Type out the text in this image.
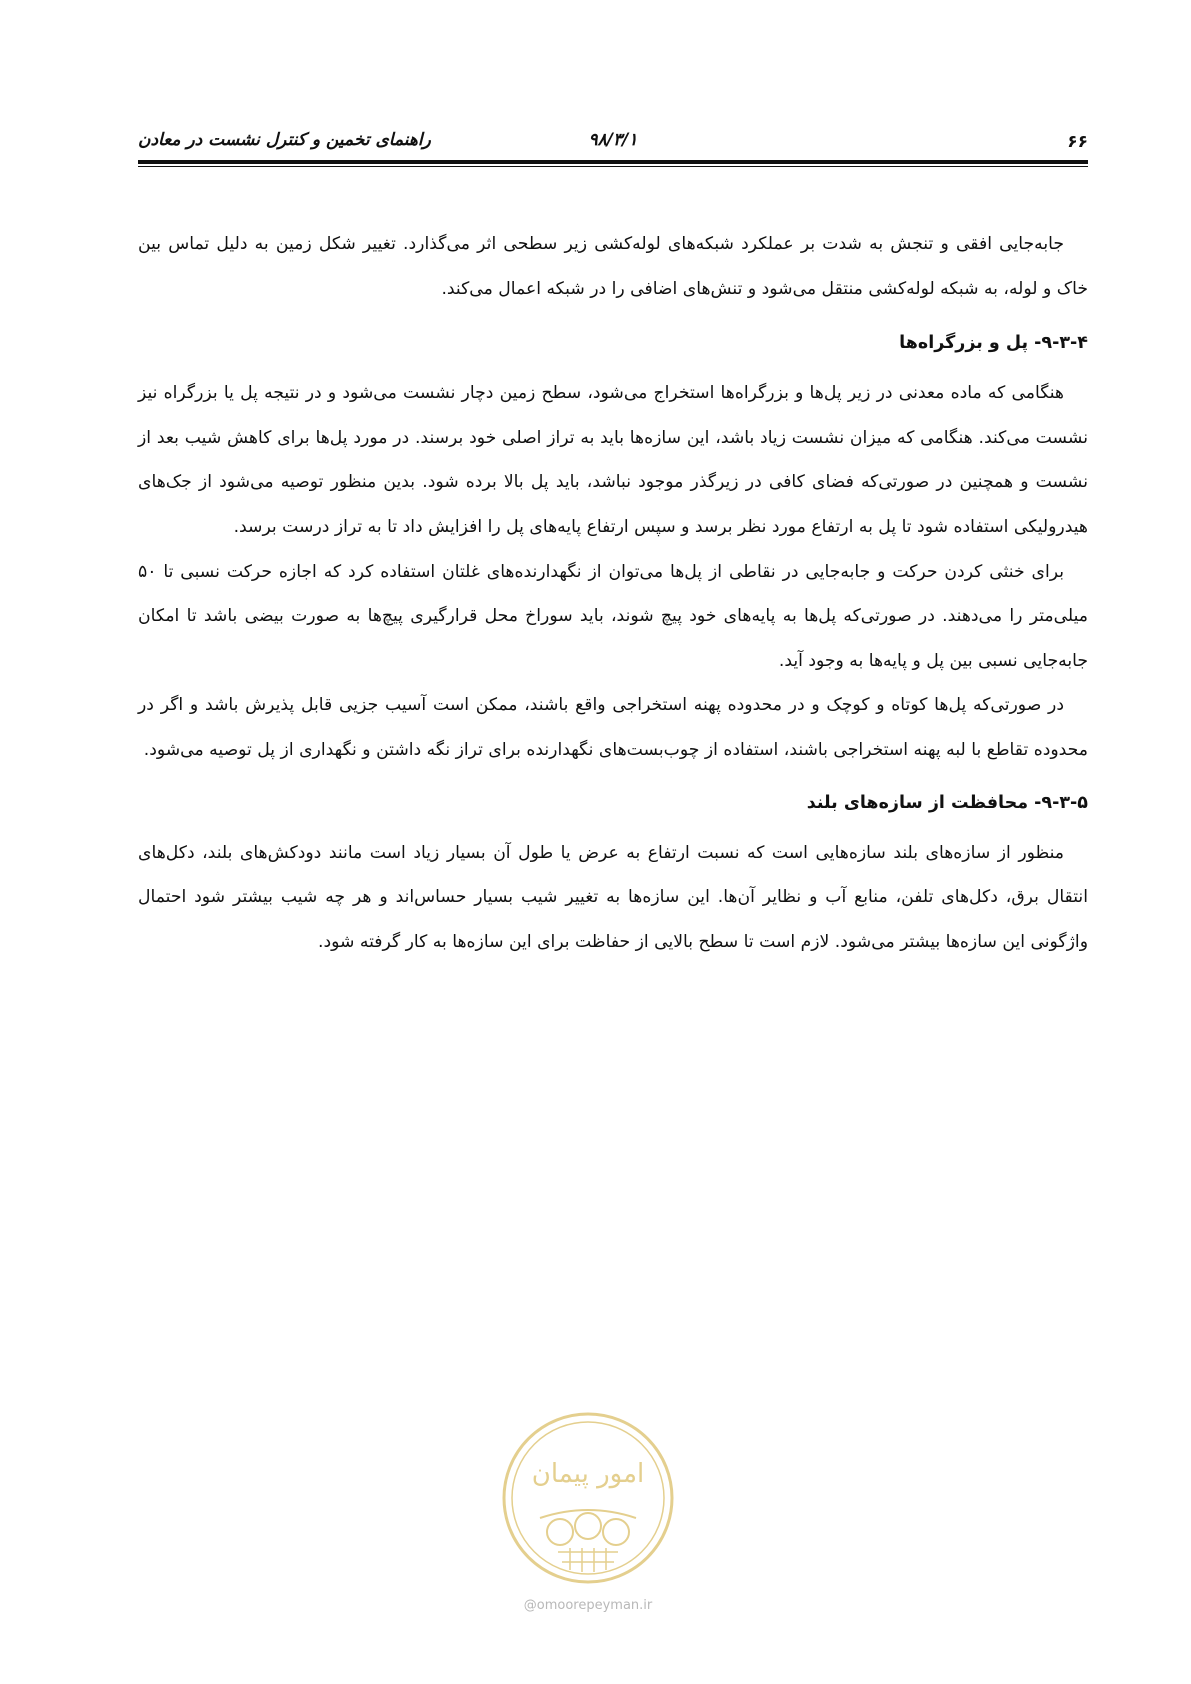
۶۶
۹۸/۳/۱
راهنمای تخمین و کنترل نشست در معادن

جابه‌جایی افقی و تنجش به شدت بر عملکرد شبکه‌های لوله‌کشی زیر سطحی اثر می‌گذارد. تغییر شکل زمین به دلیل تماس بین خاک و لوله، به شبکه لوله‌کشی منتقل می‌شود و تنش‌های اضافی را در شبکه اعمال می‌کند.

۹-۳-۴- پل و بزرگراه‌ها

هنگامی که ماده معدنی در زیر پل‌ها و بزرگراه‌ها استخراج می‌شود، سطح زمین دچار نشست می‌شود و در نتیجه پل یا بزرگراه نیز نشست می‌کند. هنگامی که میزان نشست زیاد باشد، این سازه‌ها باید به تراز اصلی خود برسند. در مورد پل‌ها برای کاهش شیب بعد از نشست و همچنین در صورتی‌که فضای کافی در زیرگذر موجود نباشد، باید پل بالا برده شود. بدین منظور توصیه می‌شود از جک‌های هیدرولیکی استفاده شود تا پل به ارتفاع مورد نظر برسد و سپس ارتفاع پایه‌های پل را افزایش داد تا به تراز درست برسد.

برای خنثی کردن حرکت و جابه‌جایی در نقاطی از پل‌ها می‌توان از نگهدارنده‌های غلتان استفاده کرد که اجازه حرکت نسبی تا ۵۰ میلی‌متر را می‌دهند. در صورتی‌که پل‌ها به پایه‌های خود پیچ شوند، باید سوراخ محل قرارگیری پیچ‌ها به صورت بیضی باشد تا امکان جابه‌جایی نسبی بین پل و پایه‌ها به وجود آید.

در صورتی‌که پل‌ها کوتاه و کوچک و در محدوده پهنه استخراجی واقع باشند، ممکن است آسیب جزیی قابل پذیرش باشد و اگر در محدوده تقاطع با لبه پهنه استخراجی باشند، استفاده از چوب‌بست‌های نگهدارنده برای تراز نگه داشتن و نگهداری از پل توصیه می‌شود.

۹-۳-۵- محافظت از سازه‌های بلند

منظور از سازه‌های بلند سازه‌هایی است که نسبت ارتفاع به عرض یا طول آن بسیار زیاد است مانند دودکش‌های بلند، دکل‌های انتقال برق، دکل‌های تلفن، منابع آب و نظایر آن‌ها. این سازه‌ها به تغییر شیب بسیار حساس‌اند و هر چه شیب بیشتر شود احتمال واژگونی این سازه‌ها بیشتر می‌شود. لازم است تا سطح بالایی از حفاظت برای این سازه‌ها به کار گرفته شود.

امور پیمان
@omoorepeyman.ir
